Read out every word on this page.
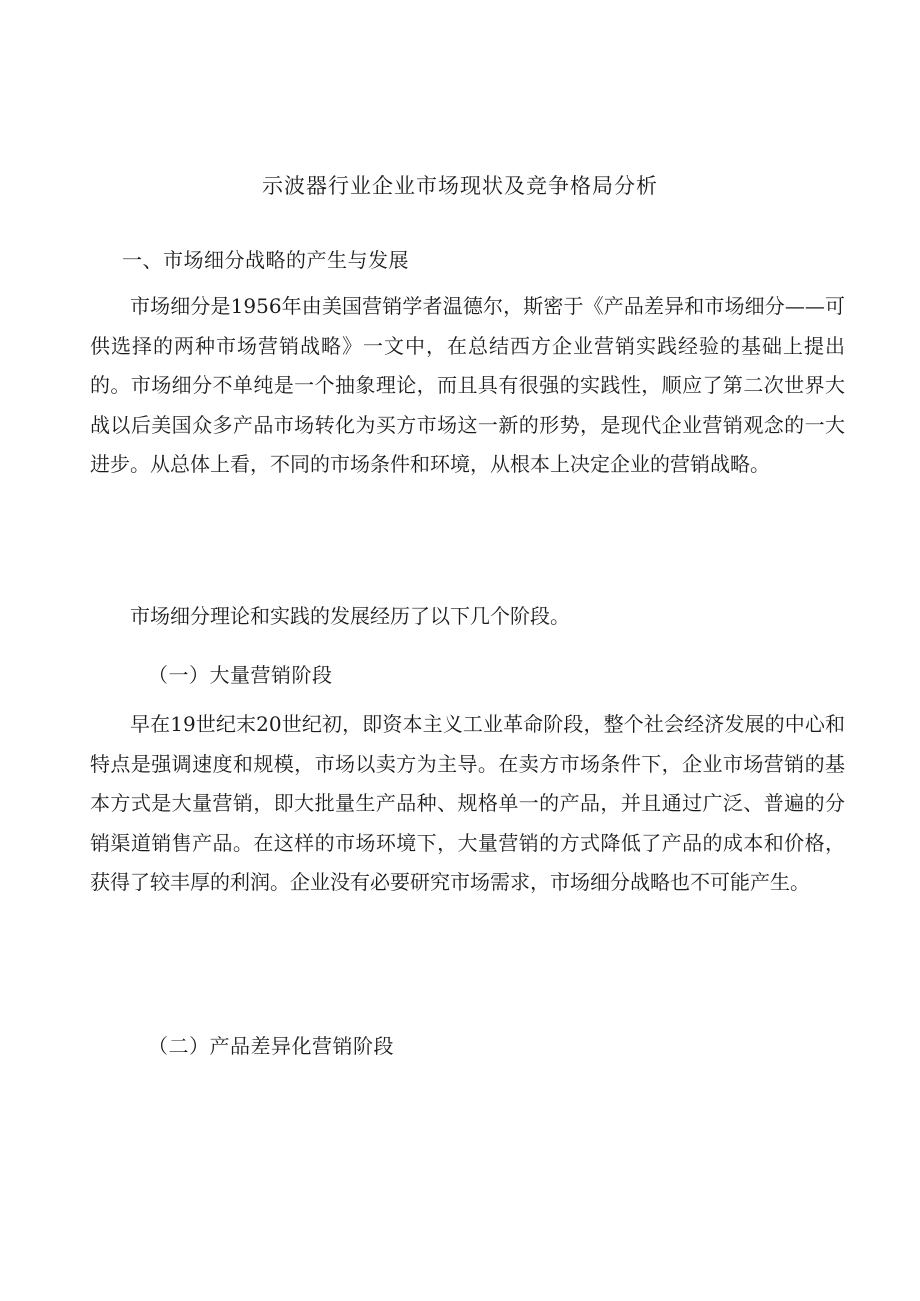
示波器行业企业市场现状及竞争格局分析
一、市场细分战略的产生与发展

市场细分是1956年由美国营销学者温德尔，斯密于《产品差异和市场细分——可供选择的两种市场营销战略》一文中，在总结西方企业营销实践经验的基础上提出的。市场细分不单纯是一个抽象理论，而且具有很强的实践性，顺应了第二次世界大战以后美国众多产品市场转化为买方市场这一新的形势，是现代企业营销观念的一大进步。从总体上看，不同的市场条件和环境，从根本上决定企业的营销战略。

市场细分理论和实践的发展经历了以下几个阶段。

（一）大量营销阶段

早在19世纪末20世纪初，即资本主义工业革命阶段，整个社会经济发展的中心和特点是强调速度和规模，市场以卖方为主导。在卖方市场条件下，企业市场营销的基本方式是大量营销，即大批量生产品种、规格单一的产品，并且通过广泛、普遍的分销渠道销售产品。在这样的市场环境下，大量营销的方式降低了产品的成本和价格，获得了较丰厚的利润。企业没有必要研究市场需求，市场细分战略也不可能产生。

（二）产品差异化营销阶段
